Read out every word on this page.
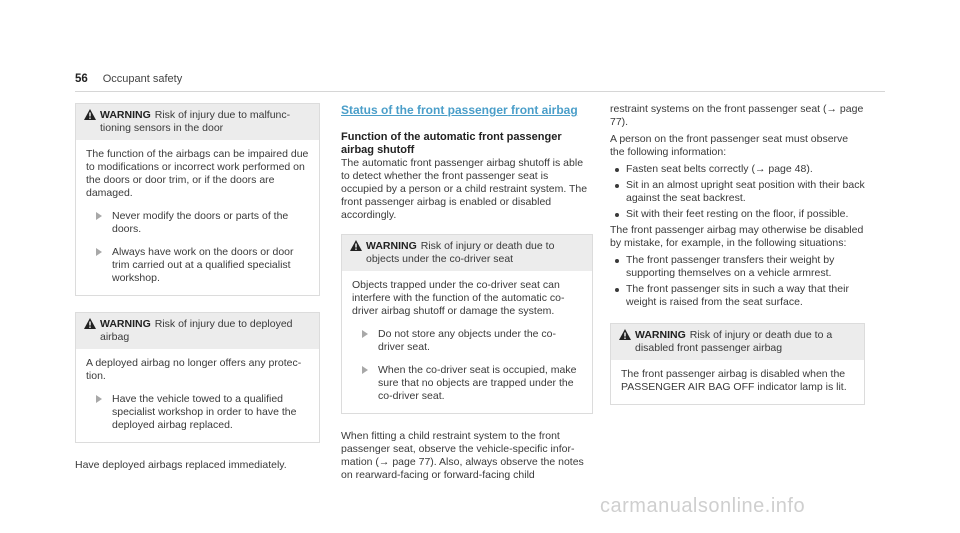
56 Occupant safety
WARNING Risk of injury due to malfunctioning sensors in the door

The function of the airbags can be impaired due to modifications or incorrect work performed on the doors or door trim, or if the doors are damaged.

Never modify the doors or parts of the doors.
Always have work on the doors or door trim carried out at a qualified specialist workshop.
WARNING Risk of injury due to deployed airbag

A deployed airbag no longer offers any protection.

Have the vehicle towed to a qualified specialist workshop in order to have the deployed airbag replaced.

Have deployed airbags replaced immediately.

Status of the front passenger front airbag

Function of the automatic front passenger airbag shutoff

The automatic front passenger airbag shutoff is able to detect whether the front passenger seat is occupied by a person or a child restraint system. The front passenger airbag is enabled or disabled accordingly.

WARNING Risk of injury or death due to objects under the co-driver seat

Objects trapped under the co-driver seat can interfere with the function of the automatic co-driver airbag shutoff or damage the system.

Do not store any objects under the co-driver seat.
When the co-driver seat is occupied, make sure that no objects are trapped under the co-driver seat.

When fitting a child restraint system to the front passenger seat, observe the vehicle-specific information (→ page 77). Also, always observe the notes on rearward-facing or forward-facing child

restraint systems on the front passenger seat (→ page 77).

A person on the front passenger seat must observe the following information:

Fasten seat belts correctly (→ page 48).
Sit in an almost upright seat position with their back against the seat backrest.
Sit with their feet resting on the floor, if possible.

The front passenger airbag may otherwise be disabled by mistake, for example, in the following situations:

The front passenger transfers their weight by supporting themselves on a vehicle armrest.
The front passenger sits in such a way that their weight is raised from the seat surface.
WARNING Risk of injury or death due to a disabled front passenger airbag

The front passenger airbag is disabled when the PASSENGER AIR BAG OFF indicator lamp is lit.

carmanualsonline.info
